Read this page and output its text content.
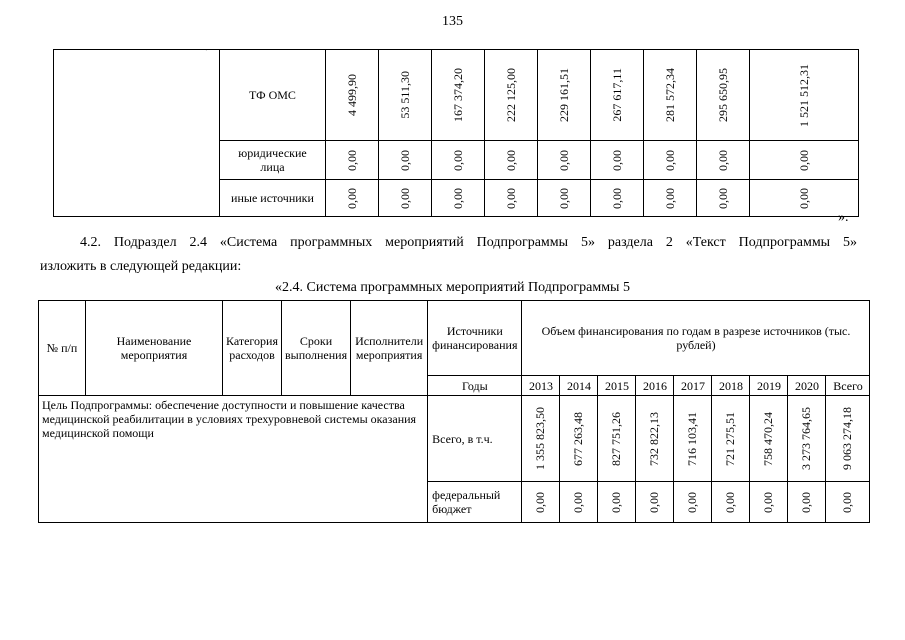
135
·
	ТФ ОМС	4 499,90	53 511,30	167 374,20	222 125,00	229 161,51	267 617,11	281 572,34	295 650,95	1 521 512,31

	юридические лица	0,00	0,00	0,00	0,00	0,00	0,00	0,00	0,00	0,00

	иные источники	0,00	0,00	0,00	0,00	0,00	0,00	0,00	0,00	0,00
».
4.2. Подраздел 2.4 «Система программных мероприятий Подпрограммы 5» раздела 2 «Текст Подпрограммы 5»
изложить в следующей редакции:
«2.4. Система программных мероприятий Подпрограммы 5
№ п/п	Наименование мероприятия	Категория расходов	Сроки выполнения	Исполнители мероприятия	Источники финансирования	Объем финансирования по годам в разрезе источников (тыс. рублей)								
					Годы	2013	2014	2015	2016	2017	2018	2019	2020	Всего
Цель Подпрограммы: обеспечение доступности и повышение качества медицинской реабилитации в условиях трехуровневой системы оказания медицинской помощи					Всего, в т.ч.	1 355 823,50	677 263,48	827 751,26	732 822,13	716 103,41	721 275,51	758 470,24	3 273 764,65	9 063 274,18

					федеральный бюджет	0,00	0,00	0,00	0,00	0,00	0,00	0,00	0,00	0,00
